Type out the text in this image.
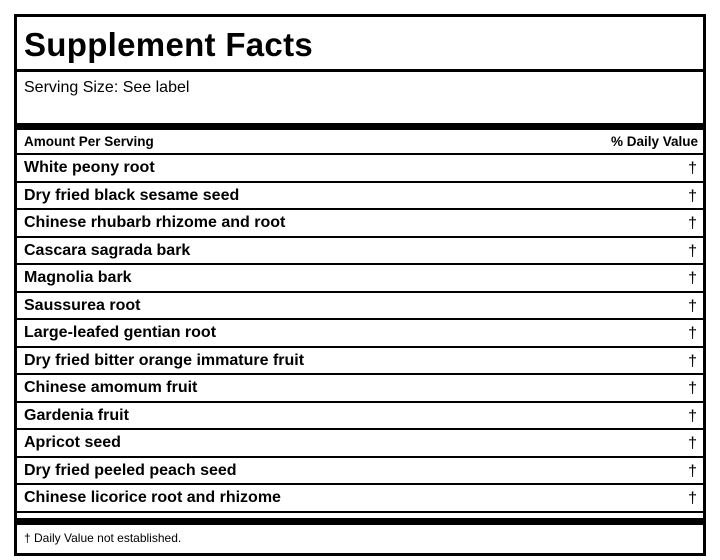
Supplement Facts
Serving Size: See label
Amount Per Serving	% Daily Value
White peony root	†
Dry fried black sesame seed	†
Chinese rhubarb rhizome and root	†
Cascara sagrada bark	†
Magnolia bark	†
Saussurea root	†
Large-leafed gentian root	†
Dry fried bitter orange immature fruit	†
Chinese amomum fruit	†
Gardenia fruit	†
Apricot seed	†
Dry fried peeled peach seed	†
Chinese licorice root and rhizome	†
† Daily Value not established.
